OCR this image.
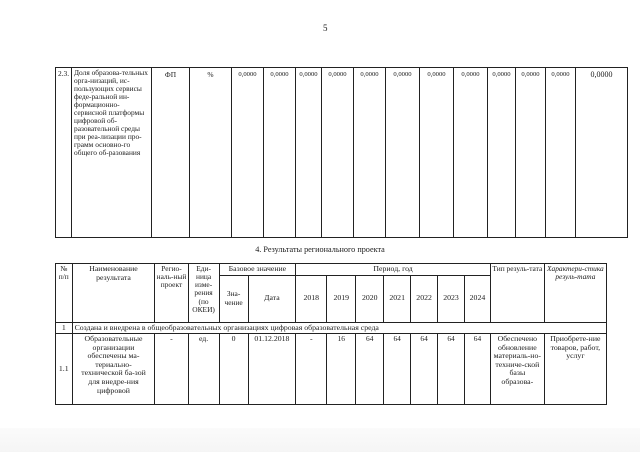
5
2.3.	Доля образова-тельных орга-низаций, ис-пользующих сервисы феде-ральной ин-формационно-сервисной платформы цифровой об-разовательной среды при реа-лизации про-грамм основно-го общего об-разования	ФП	%	0,0000	0,0000	0,0000	0,0000	0,0000	0,0000	0,0000	0,0000	0,0000	0,0000	0,0000	0,0000
4. Результаты регионального проекта
№ п/п	Наименование результата	Регио-наль-ный проект	Еди-ница изме-рения (по ОКЕИ)	Базовое значение		Период, год							Тип резуль-тата	Характери-стика резуль-тата
				Зна-чение	Дата	2018	2019	2020	2021	2022	2023	2024		
1	Создана и внедрена в общеобразовательных организациях цифровая образовательная среда													
1.1	Образовательные организации обеспечены ма-териально-технической ба-зой для внедре-ния цифровой	-	ед.	0	01.12.2018	-	16	64	64	64	64	64	Обеспечено обновление материаль-но-техниче-ской базы образова-	Приобрете-ние товаров, работ, услуг
